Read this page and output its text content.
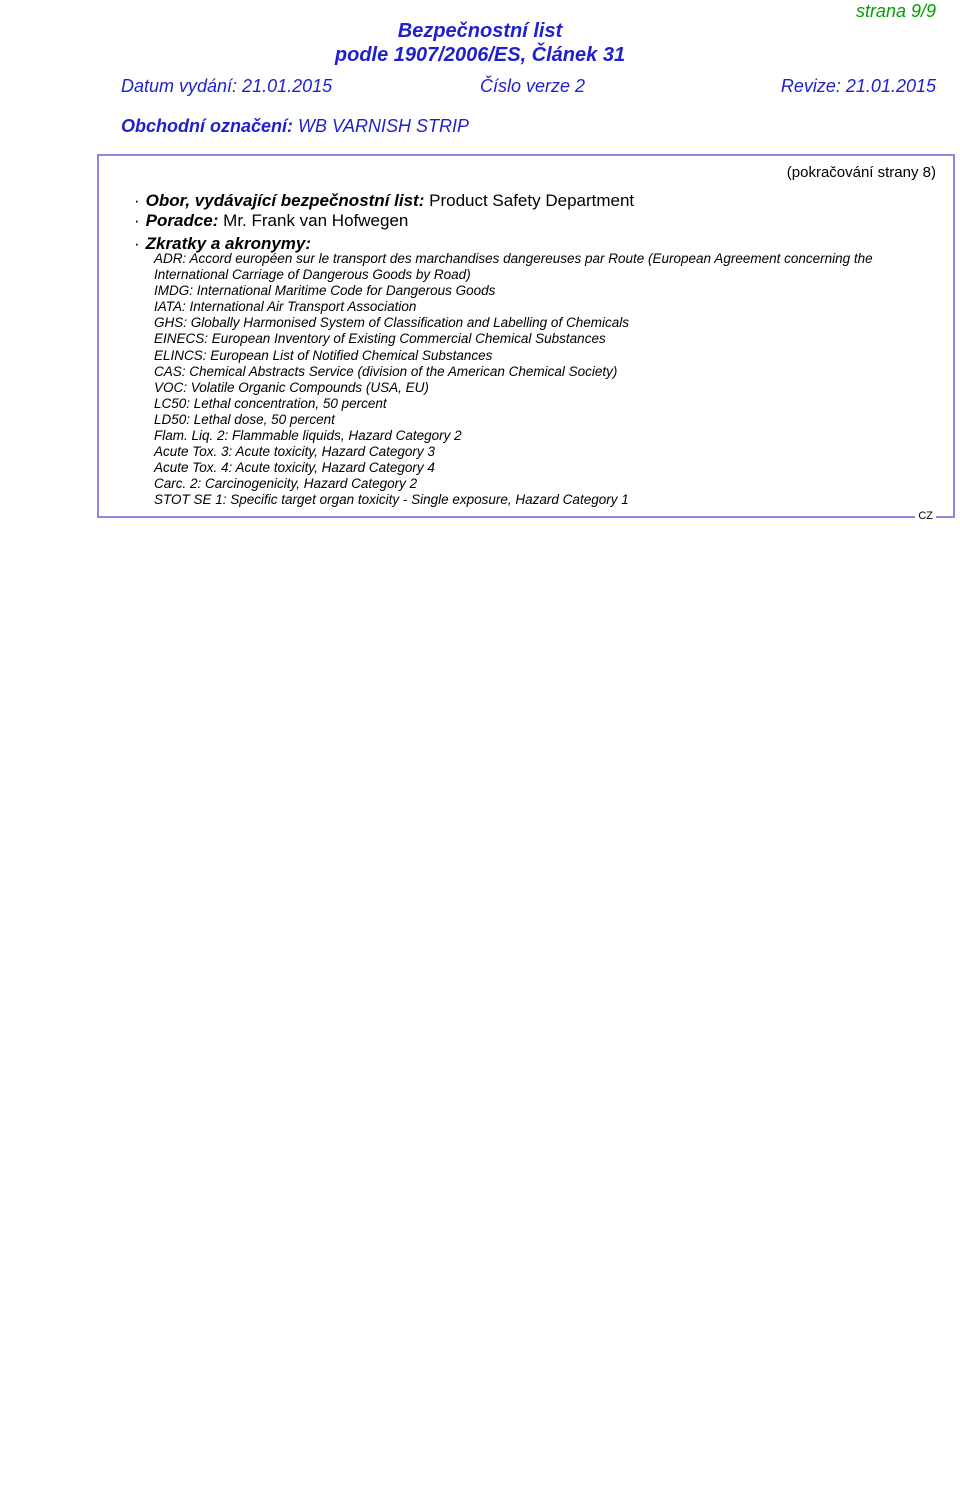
strana 9/9
Bezpečnostní list
podle 1907/2006/ES, Článek 31
Datum vydání: 21.01.2015	Číslo verze 2	Revize: 21.01.2015
Obchodní označení: WB VARNISH STRIP
(pokračování strany 8)
· Obor, vydávající bezpečnostní list: Product Safety Department
· Poradce: Mr. Frank van Hofwegen
· Zkratky a akronymy:
ADR: Accord européen sur le transport des marchandises dangereuses par Route (European Agreement concerning the
International Carriage of Dangerous Goods by Road)
IMDG: International Maritime Code for Dangerous Goods
IATA: International Air Transport Association
GHS: Globally Harmonised System of Classification and Labelling of Chemicals
EINECS: European Inventory of Existing Commercial Chemical Substances
ELINCS: European List of Notified Chemical Substances
CAS: Chemical Abstracts Service (division of the American Chemical Society)
VOC: Volatile Organic Compounds (USA, EU)
LC50: Lethal concentration, 50 percent
LD50: Lethal dose, 50 percent
Flam. Liq. 2: Flammable liquids, Hazard Category 2
Acute Tox. 3: Acute toxicity, Hazard Category 3
Acute Tox. 4: Acute toxicity, Hazard Category 4
Carc. 2: Carcinogenicity, Hazard Category 2
STOT SE 1: Specific target organ toxicity - Single exposure, Hazard Category 1
CZ
